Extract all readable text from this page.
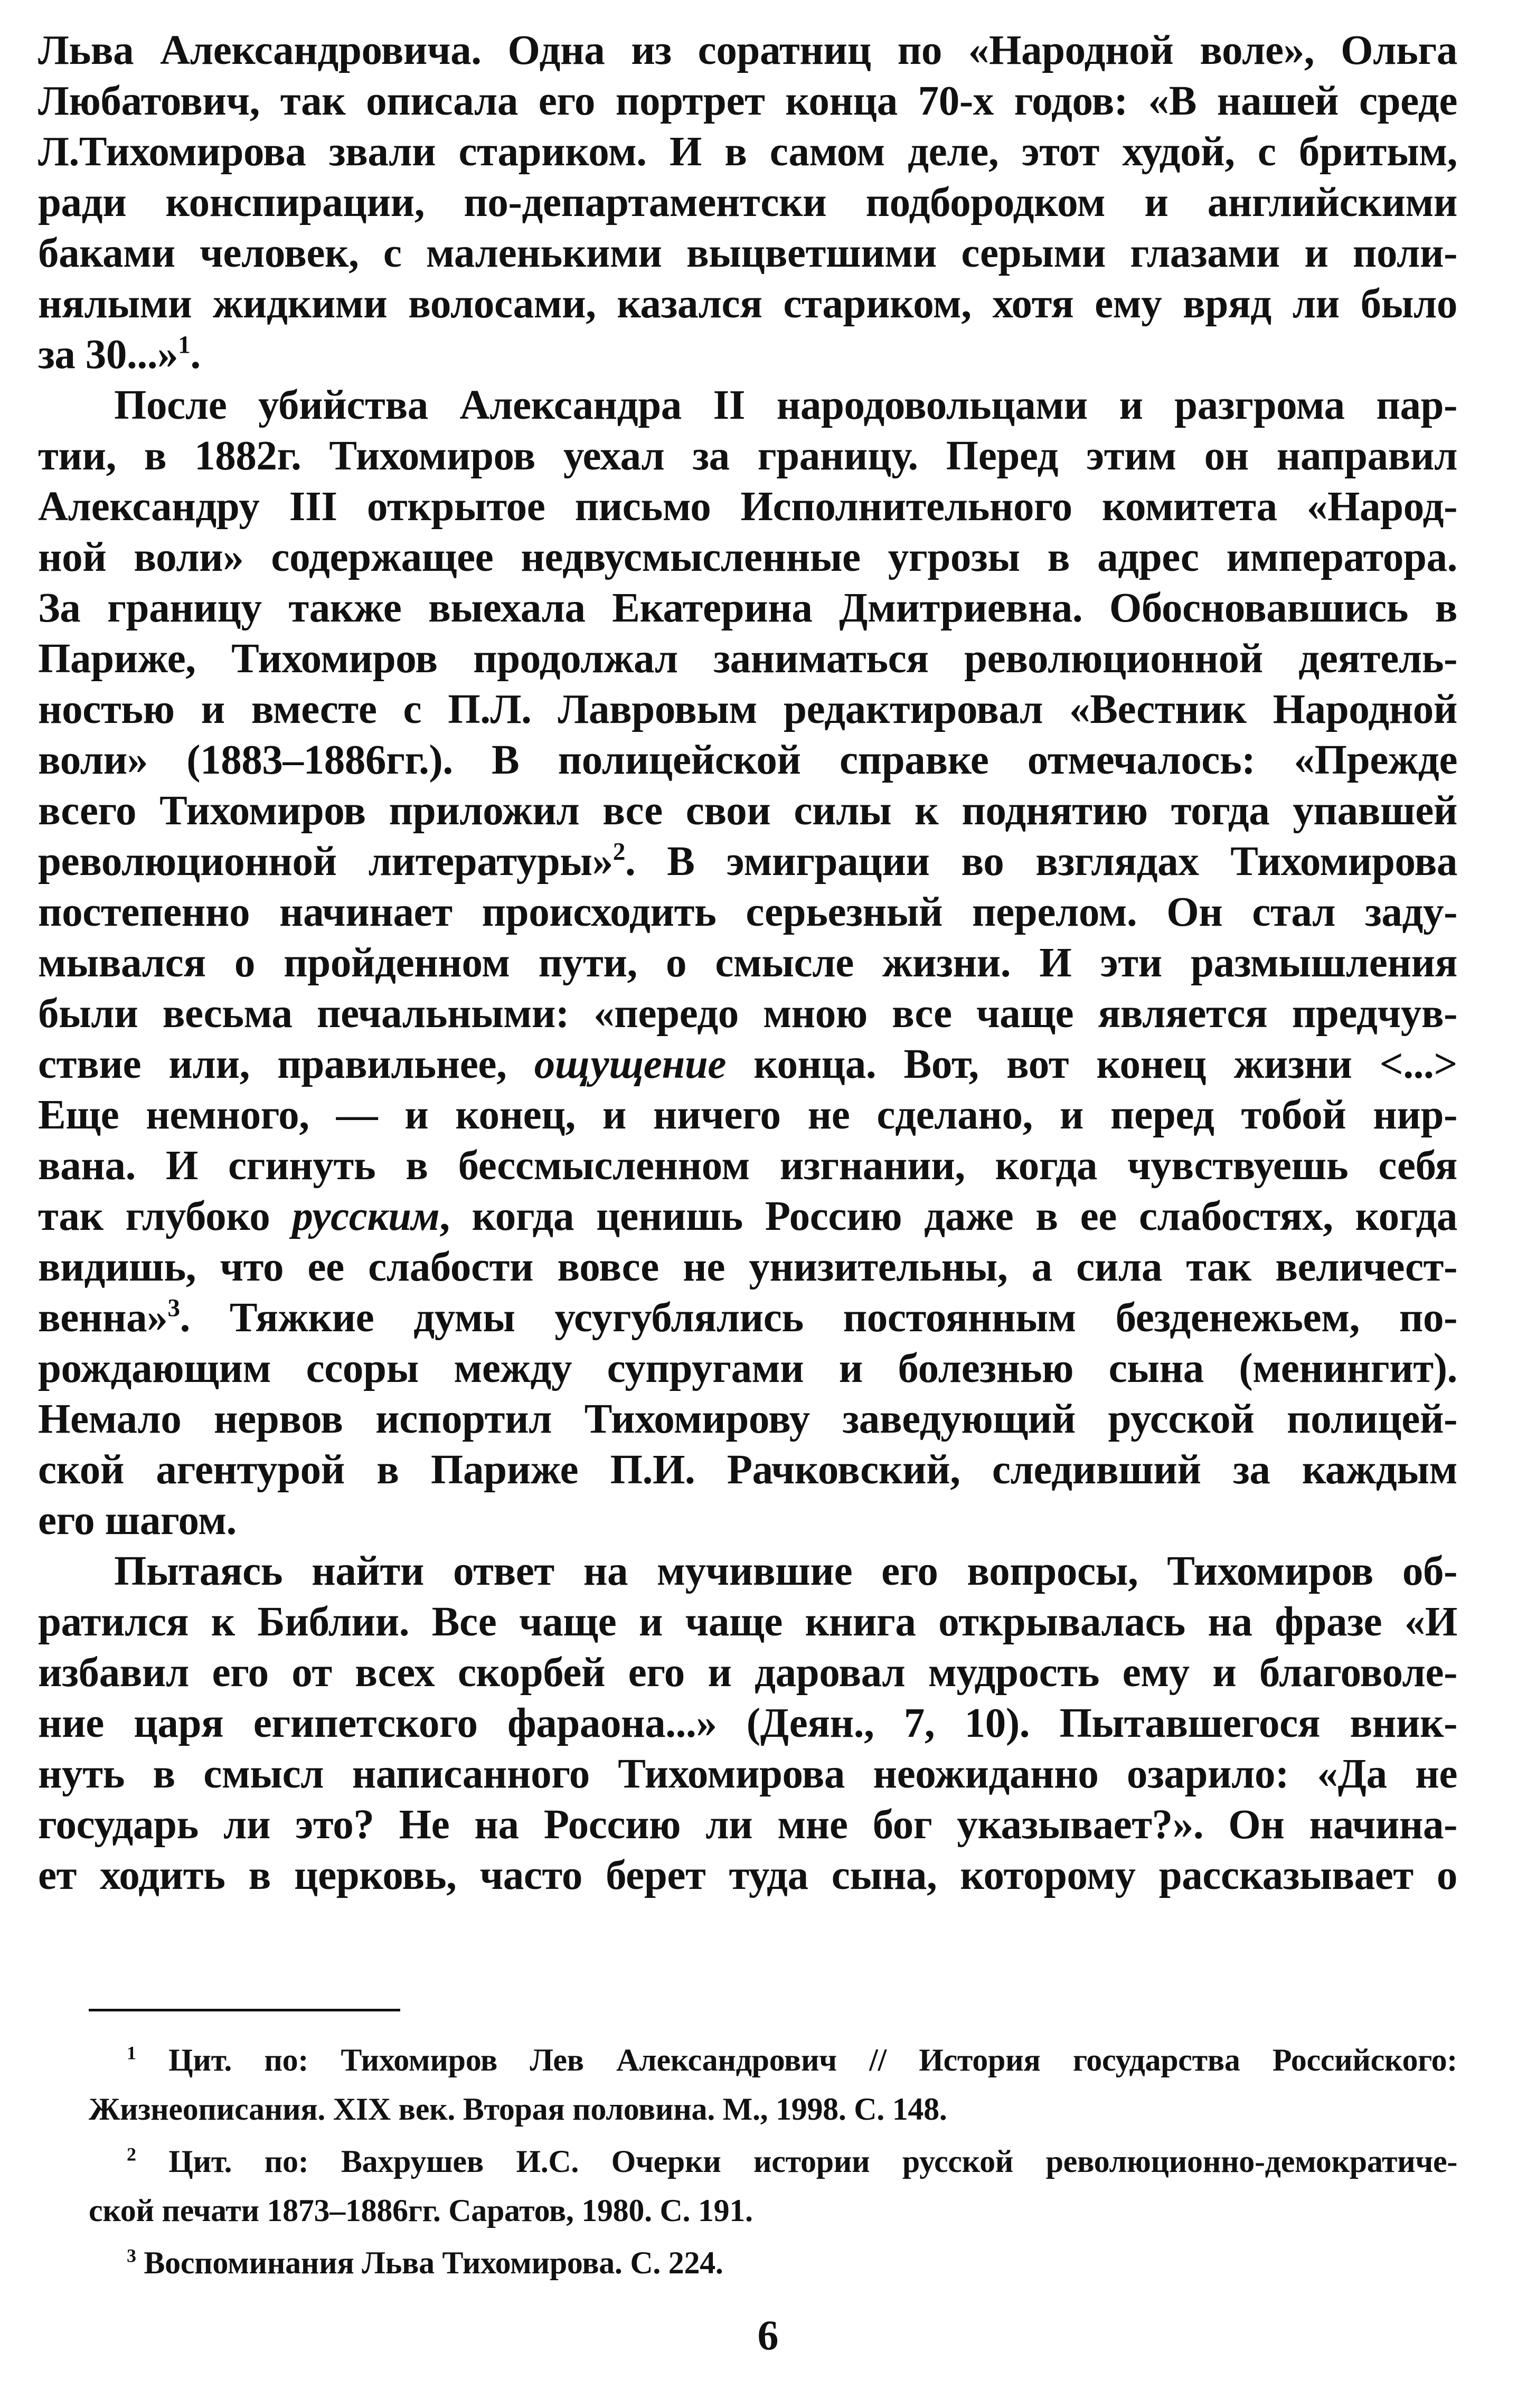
Льва Александровича. Одна из соратниц по «Народной воле», Ольга
Любатович, так описала его портрет конца 70-х годов: «В нашей среде
Л.Тихомирова звали стариком. И в самом деле, этот худой, с бритым,
ради конспирации, по-департаментски подбородком и английскими
баками человек, с маленькими выцветшими серыми глазами и поли-
нялыми жидкими волосами, казался стариком, хотя ему вряд ли было
за 30...»$^1$.
После убийства Александра II народовольцами и разгрома пар-
тии, в 1882г. Тихомиров уехал за границу. Перед этим он направил
Александру III открытое письмо Исполнительного комитета «Народ-
ной воли» содержащее недвусмысленные угрозы в адрес императора.
За границу также выехала Екатерина Дмитриевна. Обосновавшись в
Париже, Тихомиров продолжал заниматься революционной деятель-
ностью и вместе с П.Л. Лавровым редактировал «Вестник Народной
воли» (1883–1886гг.). В полицейской справке отмечалось: «Прежде
всего Тихомиров приложил все свои силы к поднятию тогда упавшей
революционной литературы»$^2$. В эмиграции во взглядах Тихомирова
постепенно начинает происходить серьезный перелом. Он стал заду-
мывался о пройденном пути, о смысле жизни. И эти размышления
были весьма печальными: «передо мною все чаще является предчув-
ствие или, правильнее, ощущение конца. Вот, вот конец жизни <...>
Еще немного, — и конец, и ничего не сделано, и перед тобой нир-
вана. И сгинуть в бессмысленном изгнании, когда чувствуешь себя
так глубоко русским, когда ценишь Россию даже в ее слабостях, когда
видишь, что ее слабости вовсе не унизительны, а сила так величест-
венна»$^3$. Тяжкие думы усугублялись постоянным безденежьем, по-
рождающим ссоры между супругами и болезнью сына (менингит).
Немало нервов испортил Тихомирову заведующий русской полицей-
ской агентурой в Париже П.И. Рачковский, следивший за каждым
его шагом.
Пытаясь найти ответ на мучившие его вопросы, Тихомиров об-
ратился к Библии. Все чаще и чаще книга открывалась на фразе «И
избавил его от всех скорбей его и даровал мудрость ему и благоволе-
ние царя египетского фараона...» (Деян., 7, 10). Пытавшегося вник-
нуть в смысл написанного Тихомирова неожиданно озарило: «Да не
государь ли это? Не на Россию ли мне бог указывает?». Он начина-
ет ходить в церковь, часто берет туда сына, которому рассказывает о
$^1$ Цит. по: Тихомиров Лев Александрович // История государства Российского:
Жизнеописания. XIX век. Вторая половина. М., 1998. С. 148.
$^2$ Цит. по: Вахрушев И.С. Очерки истории русской революционно-демократиче-
ской печати 1873–1886гг. Саратов, 1980. С. 191.
$^3$ Воспоминания Льва Тихомирова. С. 224.
6
